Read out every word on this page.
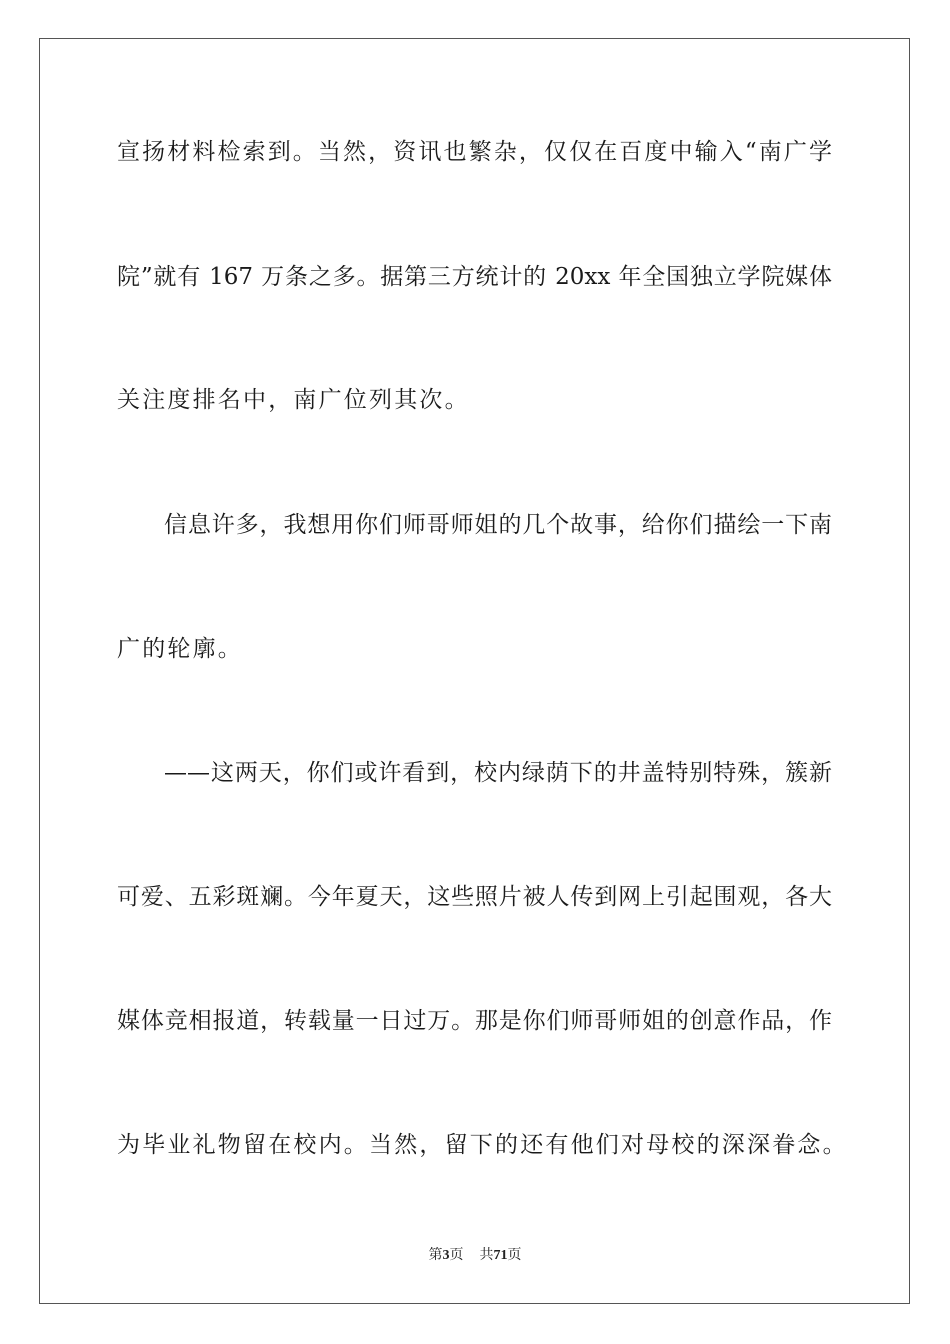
宣扬材料检索到。当然，资讯也繁杂，仅仅在百度中输入“南广学
院”就有 167 万条之多。据第三方统计的 20xx 年全国独立学院媒体
关注度排名中，南广位列其次。
信息许多，我想用你们师哥师姐的几个故事，给你们描绘一下南
广的轮廓。
——这两天，你们或许看到，校内绿荫下的井盖特别特殊，簇新
可爱、五彩斑斓。今年夏天，这些照片被人传到网上引起围观，各大
媒体竞相报道，转载量一日过万。那是你们师哥师姐的创意作品，作
为毕业礼物留在校内。当然，留下的还有他们对母校的深深眷念。
第3页 共71页
